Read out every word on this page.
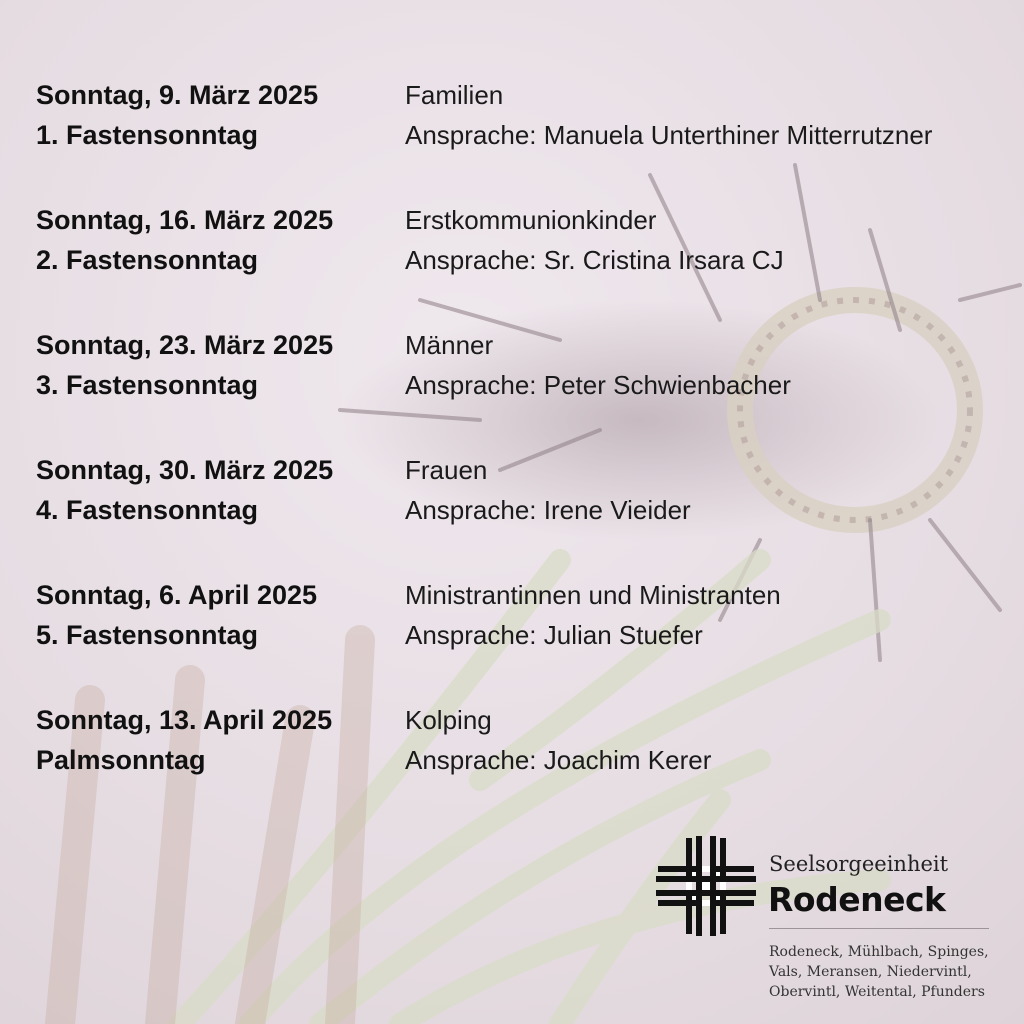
Sonntag, 9. März 2025
1. Fastensonntag
Familien
Ansprache: Manuela Unterthiner Mitterrutzner
Sonntag, 16. März 2025
2. Fastensonntag
Erstkommunionkinder
Ansprache: Sr. Cristina Irsara CJ
Sonntag, 23. März 2025
3. Fastensonntag
Männer
Ansprache: Peter Schwienbacher
Sonntag, 30. März 2025
4. Fastensonntag
Frauen
Ansprache: Irene Vieider
Sonntag, 6. April 2025
5. Fastensonntag
Ministrantinnen und Ministranten
Ansprache: Julian Stuefer
Sonntag, 13. April 2025
Palmsonntag
Kolping
Ansprache: Joachim Kerer
Seelsorgeeinheit
Rodeneck
Rodeneck, Mühlbach, Spinges,
Vals, Meransen, Niedervintl,
Obervintl, Weitental, Pfunders
